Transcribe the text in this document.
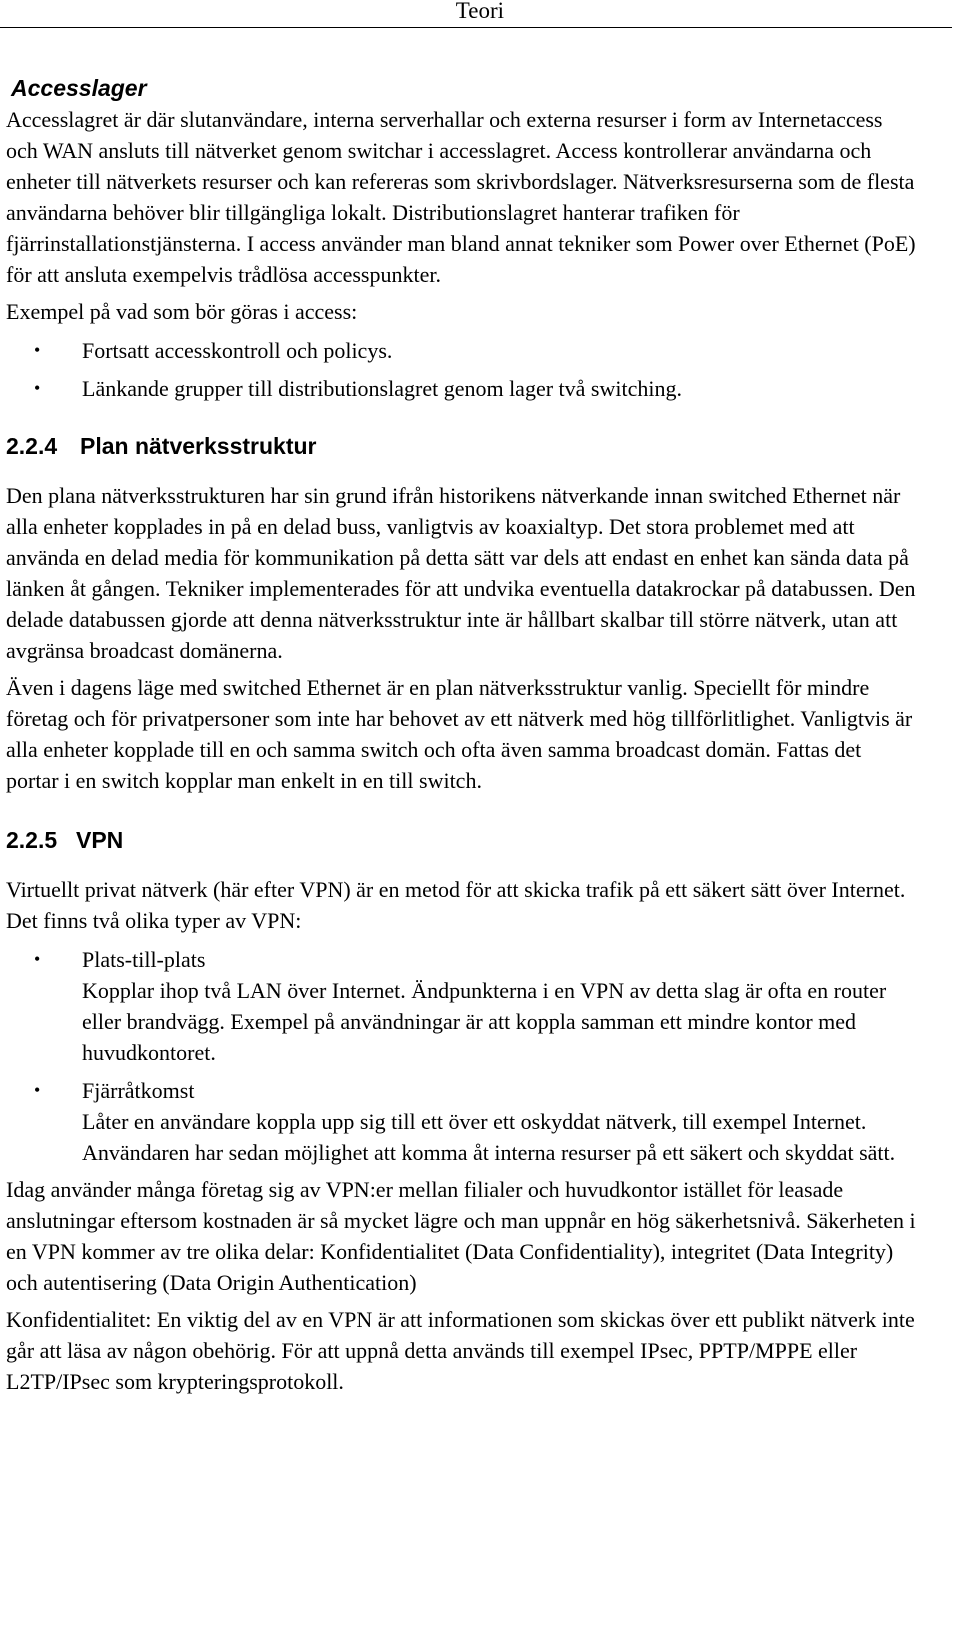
Teori
Accesslager

Accesslagret är där slutanvändare, interna serverhallar och externa resurser i form av Internetaccess och WAN ansluts till nätverket genom switchar i accesslagret. Access kontrollerar användarna och enheter till nätverkets resurser och kan refereras som skrivbordslager. Nätverksresurserna som de flesta användarna behöver blir tillgängliga lokalt. Distributionslagret hanterar trafiken för fjärrinstallationstjänsterna. I access använder man bland annat tekniker som Power over Ethernet (PoE) för att ansluta exempelvis trådlösa accesspunkter.

Exempel på vad som bör göras i access:

• Fortsatt accesskontroll och policys.
• Länkande grupper till distributionslagret genom lager två switching.
2.2.4 Plan nätverksstruktur

Den plana nätverksstrukturen har sin grund ifrån historikens nätverkande innan switched Ethernet när alla enheter kopplades in på en delad buss, vanligtvis av koaxialtyp. Det stora problemet med att använda en delad media för kommunikation på detta sätt var dels att endast en enhet kan sända data på länken åt gången. Tekniker implementerades för att undvika eventuella datakrockar på databussen. Den delade databussen gjorde att denna nätverksstruktur inte är hållbart skalbar till större nätverk, utan att avgränsa broadcast domänerna.

Även i dagens läge med switched Ethernet är en plan nätverksstruktur vanlig. Speciellt för mindre företag och för privatpersoner som inte har behovet av ett nätverk med hög tillförlitlighet. Vanligtvis är alla enheter kopplade till en och samma switch och ofta även samma broadcast domän. Fattas det portar i en switch kopplar man enkelt in en till switch.

2.2.5 VPN

Virtuellt privat nätverk (här efter VPN) är en metod för att skicka trafik på ett säkert sätt över Internet. Det finns två olika typer av VPN:

• Plats-till-plats
Kopplar ihop två LAN över Internet. Ändpunkterna i en VPN av detta slag är ofta en router eller brandvägg. Exempel på användningar är att koppla samman ett mindre kontor med huvudkontoret.
• Fjärråtkomst
Låter en användare koppla upp sig till ett över ett oskyddat nätverk, till exempel Internet. Användaren har sedan möjlighet att komma åt interna resurser på ett säkert och skyddat sätt.

Idag använder många företag sig av VPN:er mellan filialer och huvudkontor istället för leasade anslutningar eftersom kostnaden är så mycket lägre och man uppnår en hög säkerhetsnivå. Säkerheten i en VPN kommer av tre olika delar: Konfidentialitet (Data Confidentiality), integritet (Data Integrity) och autentisering (Data Origin Authentication)

Konfidentialitet: En viktig del av en VPN är att informationen som skickas över ett publikt nätverk inte går att läsa av någon obehörig. För att uppnå detta används till exempel IPsec, PPTP/MPPE eller L2TP/IPsec som krypteringsprotokoll.
